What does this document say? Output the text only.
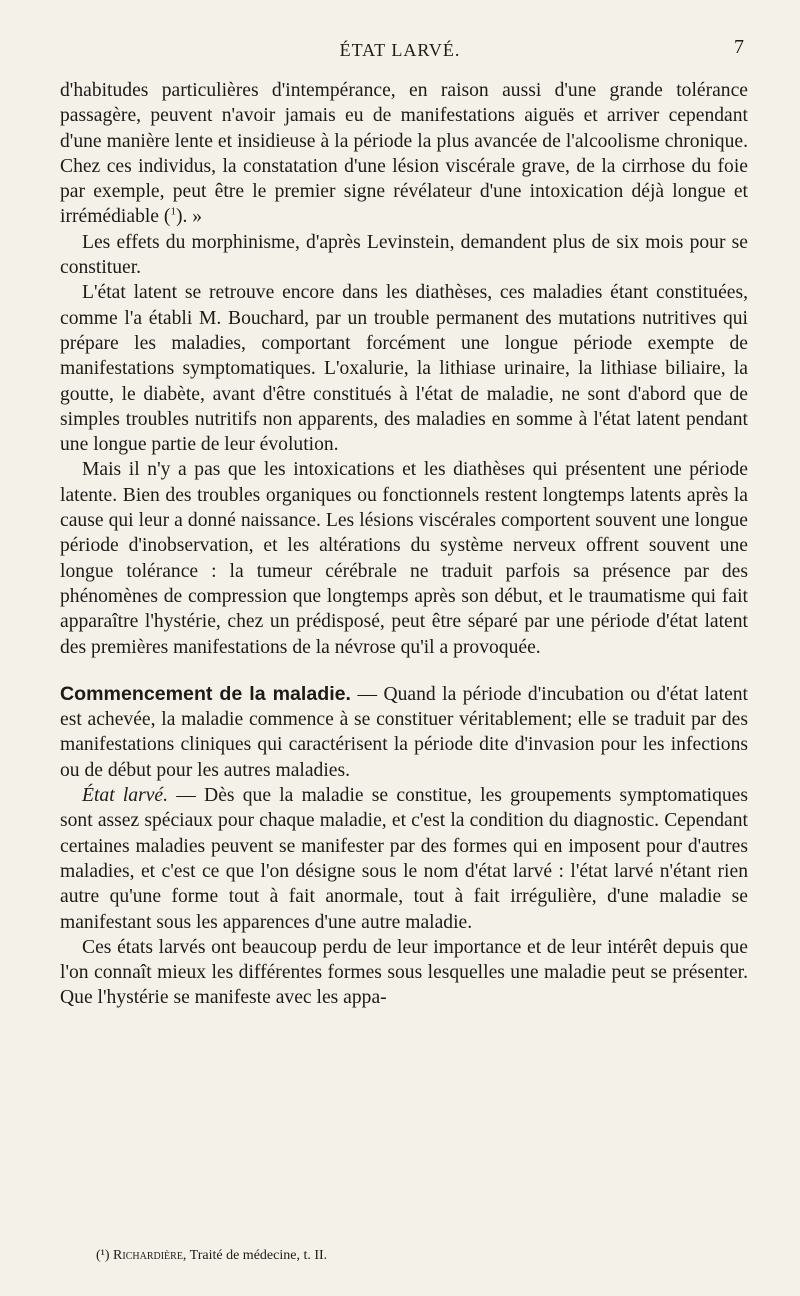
ÉTAT LARVÉ.	7

d'habitudes particulières d'intempérance, en raison aussi d'une grande tolérance passagère, peuvent n'avoir jamais eu de manifestations aiguës et arriver cependant d'une manière lente et insidieuse à la période la plus avancée de l'alcoolisme chronique. Chez ces individus, la constatation d'une lésion viscérale grave, de la cirrhose du foie par exemple, peut être le premier signe révélateur d'une intoxication déjà longue et irrémédiable ($^1$). »

Les effets du morphinisme, d'après Levinstein, demandent plus de six mois pour se constituer.

L'état latent se retrouve encore dans les diathèses, ces maladies étant constituées, comme l'a établi M. Bouchard, par un trouble permanent des mutations nutritives qui prépare les maladies, comportant forcément une longue période exempte de manifestations symptomatiques. L'oxalurie, la lithiase urinaire, la lithiase biliaire, la goutte, le diabète, avant d'être constitués à l'état de maladie, ne sont d'abord que de simples troubles nutritifs non apparents, des maladies en somme à l'état latent pendant une longue partie de leur évolution.

Mais il n'y a pas que les intoxications et les diathèses qui présentent une période latente. Bien des troubles organiques ou fonctionnels restent longtemps latents après la cause qui leur a donné naissance. Les lésions viscérales comportent souvent une longue période d'inobservation, et les altérations du système nerveux offrent souvent une longue tolérance : la tumeur cérébrale ne traduit parfois sa présence par des phénomènes de compression que longtemps après son début, et le traumatisme qui fait apparaître l'hystérie, chez un prédisposé, peut être séparé par une période d'état latent des premières manifestations de la névrose qu'il a provoquée.

Commencement de la maladie. — Quand la période d'incubation ou d'état latent est achevée, la maladie commence à se constituer véritablement; elle se traduit par des manifestations cliniques qui caractérisent la période dite d'invasion pour les infections ou de début pour les autres maladies.

État larvé. — Dès que la maladie se constitue, les groupements symptomatiques sont assez spéciaux pour chaque maladie, et c'est la condition du diagnostic. Cependant certaines maladies peuvent se manifester par des formes qui en imposent pour d'autres maladies, et c'est ce que l'on désigne sous le nom d'état larvé : l'état larvé n'étant rien autre qu'une forme tout à fait anormale, tout à fait irrégulière, d'une maladie se manifestant sous les apparences d'une autre maladie.

Ces états larvés ont beaucoup perdu de leur importance et de leur intérêt depuis que l'on connaît mieux les différentes formes sous lesquelles une maladie peut se présenter. Que l'hystérie se manifeste avec les appa-

(¹) Richardière, Traité de médecine, t. II.
